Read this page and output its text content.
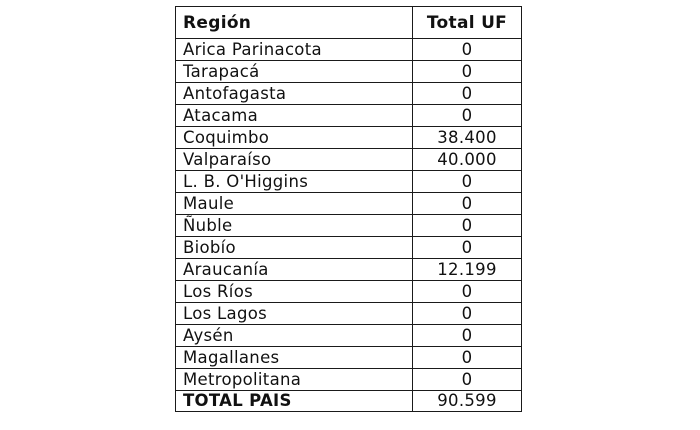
Región	Total UF
Arica Parinacota	0
Tarapacá	0
Antofagasta	0
Atacama	0
Coquimbo	38.400
Valparaíso	40.000
L. B. O'Higgins	0
Maule	0
Ñuble	0
Biobío	0
Araucanía	12.199
Los Ríos	0
Los Lagos	0
Aysén	0
Magallanes	0
Metropolitana	0
TOTAL PAIS	90.599
